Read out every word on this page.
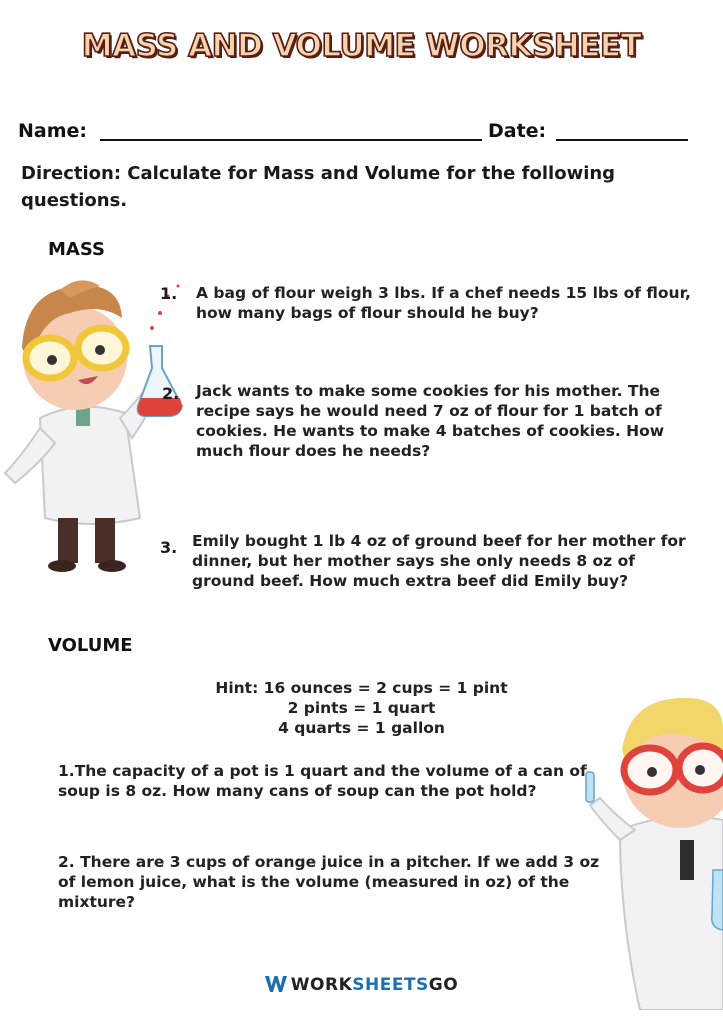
MASS AND VOLUME WORKSHEET
Name:	Date:
Direction: Calculate for Mass and Volume for the following questions.
MASS
1. A bag of flour weigh 3 lbs. If a chef needs 15 lbs of flour, how many bags of flour should he buy?
2. Jack wants to make some cookies for his mother. The recipe says he would need 7 oz of flour for 1 batch of cookies. He wants to make 4 batches of cookies. How much flour does he needs?
3. Emily bought 1 lb 4 oz of ground beef for her mother for dinner, but her mother says she only needs 8 oz of ground beef. How much extra beef did Emily buy?
VOLUME
Hint: 16 ounces = 2 cups = 1 pint
2 pints = 1 quart
4 quarts = 1 gallon
1.The capacity of a pot is 1 quart and the volume of a can of soup is 8 oz. How many cans of soup can the pot hold?
2. There are 3 cups of orange juice in a pitcher. If we add 3 oz of lemon juice, what is the volume (measured in oz) of the mixture?
WORKSHEETSGO
